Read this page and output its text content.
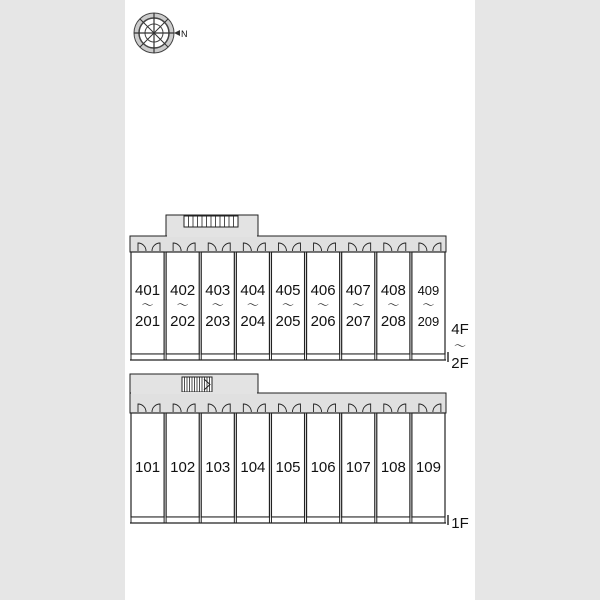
N
401
〜
201
402
〜
202
403
〜
203
404
〜
204
405
〜
205
406
〜
206
407
〜
207
408
〜
208
409
〜
209
101 102 103 104 105 106 107 108 109
4F
〜
2F
1F
